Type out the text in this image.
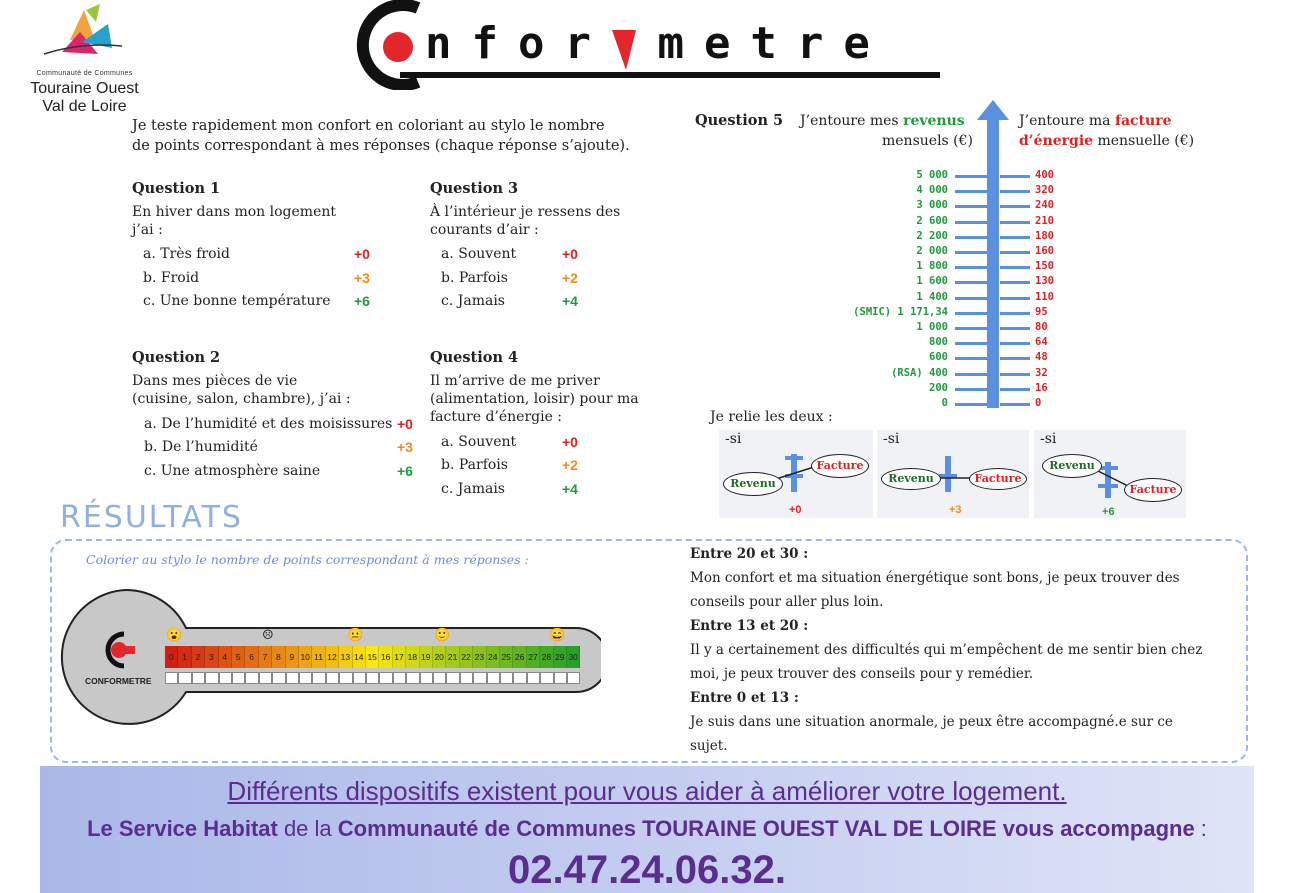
Communauté de Communes
Touraine Ouest
Val de Loire
nfor metre
Je teste rapidement mon confort en coloriant au stylo le nombre
de points correspondant à mes réponses (chaque réponse s’ajoute).
Question 1
En hiver dans mon logement
j’ai :
a. Très froid	+0
b. Froid	+3
c. Une bonne température +6
Question 2
Dans mes pièces de vie
(cuisine, salon, chambre), j’ai :
a. De l’humidité et des moisissures +0
b. De l’humidité	+3
c. Une atmosphère saine	+6
Question 3
À l’intérieur je ressens des
courants d’air :
a. Souvent	+0
b. Parfois	+2
c. Jamais	+4
Question 4
Il m’arrive de me priver
(alimentation, loisir) pour ma
facture d’énergie :
a. Souvent	+0
b. Parfois	+2
c. Jamais	+4
Question 5 J’entoure mes revenus
mensuels (€)
J’entoure ma facture
d’énergie mensuelle (€)
5 000	400
4 000	320
3 000	240
2 600	210
2 200	180
2 000	160
1 800	150
1 600	130
1 400	110
(SMIC) 1 171,34	95
1 000	80
800	64
600	48
(RSA) 400	32
200	16
0	0
Je relie les deux :
-si
Revenu
Facture
+0
-si
Revenu	Facture
+3
-si
Revenu
Facture
+6
RÉSULTATS
Colorier au stylo le nombre de points correspondant à mes réponses :
CONFORMETRE
0	1	2	3	4	5	6	7	8	9 10 11 12 13 14 15 16 17 18 19 20 21 22 23 24 25 26 27 28 29 30
😮	☹	😐	🙂	😄
Entre 20 et 30 :
Mon confort et ma situation énergétique sont bons, je peux trouver des
conseils pour aller plus loin.
Entre 13 et 20 :
Il y a certainement des difficultés qui m’empêchent de me sentir bien chez
moi, je peux trouver des conseils pour y remédier.
Entre 0 et 13 :
Je suis dans une situation anormale, je peux être accompagné.e sur ce
sujet.
Différents dispositifs existent pour vous aider à améliorer votre logement.
Le Service Habitat de la Communauté de Communes TOURAINE OUEST VAL DE LOIRE vous accompagne :
02.47.24.06.32.
